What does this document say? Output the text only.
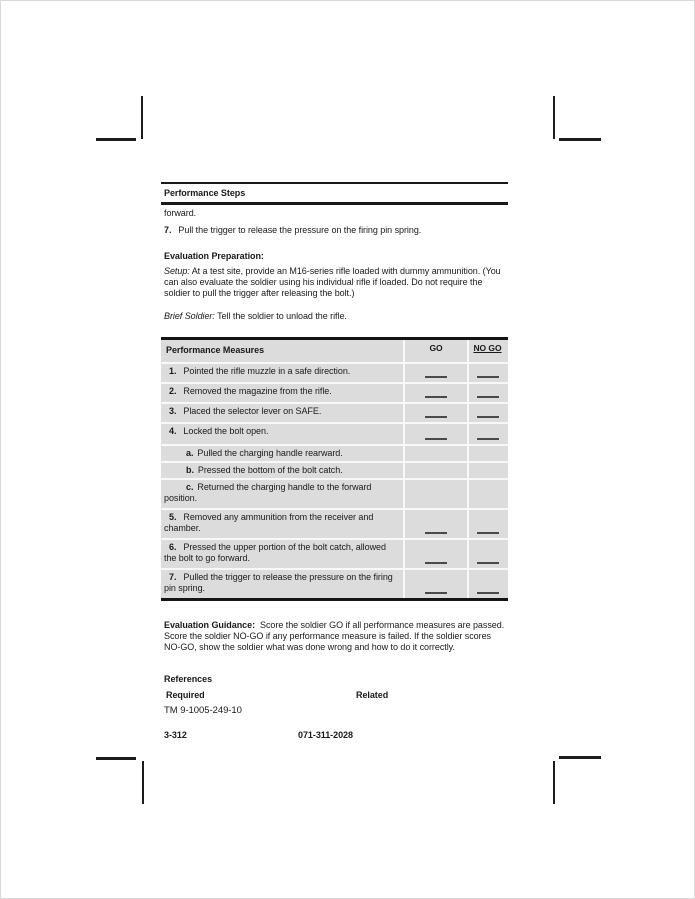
Performance Steps
forward.
7. Pull the trigger to release the pressure on the firing pin spring.
Evaluation Preparation:
Setup: At a test site, provide an M16-series rifle loaded with dummy ammunition. (You can also evaluate the soldier using his individual rifle if loaded. Do not require the soldier to pull the trigger after releasing the bolt.)
Brief Soldier: Tell the soldier to unload the rifle.
Performance Measures	GO	NO GO
1. Pointed the rifle muzzle in a safe direction.
2. Removed the magazine from the rifle.
3. Placed the selector lever on SAFE.
4. Locked the bolt open.
a. Pulled the charging handle rearward.
b. Pressed the bottom of the bolt catch.
c. Returned the charging handle to the forward position.
5. Removed any ammunition from the receiver and chamber.
6. Pressed the upper portion of the bolt catch, allowed the bolt to go forward.
7. Pulled the trigger to release the pressure on the firing pin spring.
Evaluation Guidance: Score the soldier GO if all performance measures are passed. Score the soldier NO-GO if any performance measure is failed. If the soldier scores NO-GO, show the soldier what was done wrong and how to do it correctly.
References
Required	Related
TM 9-1005-249-10
3-312	071-311-2028
